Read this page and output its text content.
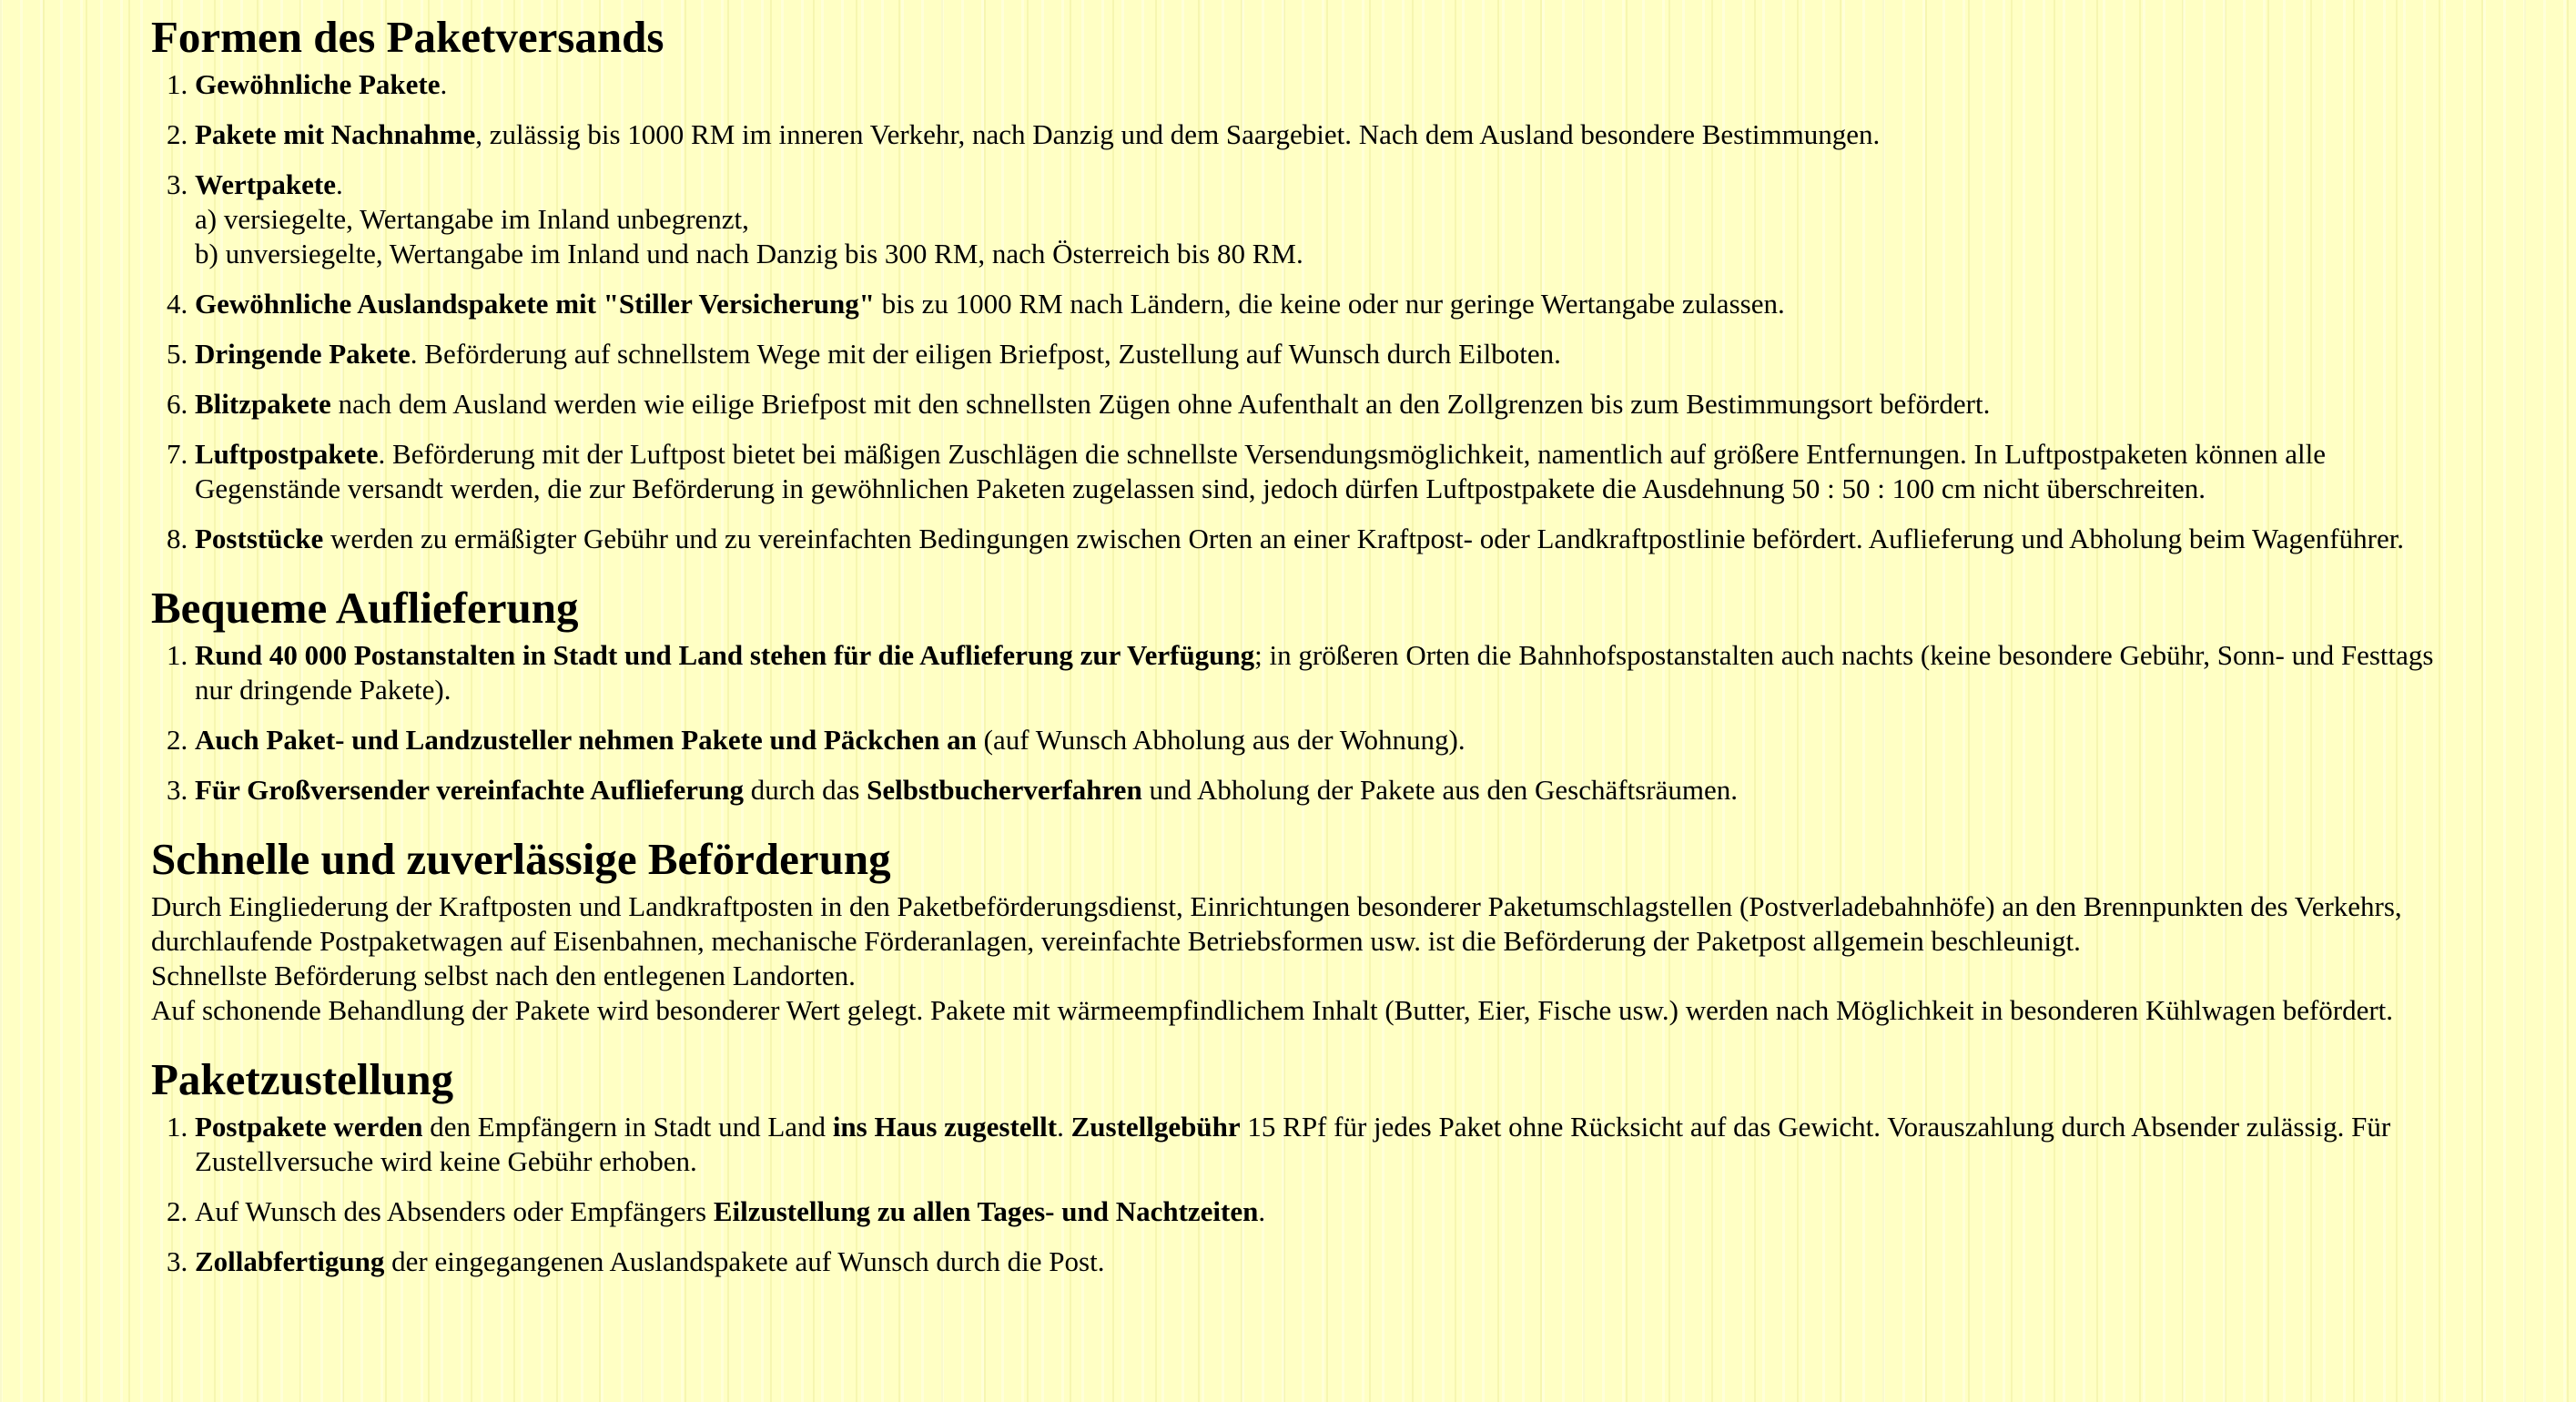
Formen des Paketversands
1. Gewöhnliche Pakete.
2. Pakete mit Nachnahme, zulässig bis 1000 RM im inneren Verkehr, nach Danzig und dem Saargebiet. Nach dem Ausland besondere Bestimmungen.
3. Wertpakete.
a) versiegelte, Wertangabe im Inland unbegrenzt,
b) unversiegelte, Wertangabe im Inland und nach Danzig bis 300 RM, nach Österreich bis 80 RM.
4. Gewöhnliche Auslandspakete mit "Stiller Versicherung" bis zu 1000 RM nach Ländern, die keine oder nur geringe Wertangabe zulassen.
5. Dringende Pakete. Beförderung auf schnellstem Wege mit der eiligen Briefpost, Zustellung auf Wunsch durch Eilboten.
6. Blitzpakete nach dem Ausland werden wie eilige Briefpost mit den schnellsten Zügen ohne Aufenthalt an den Zollgrenzen bis zum Bestimmungsort befördert.
7. Luftpostpakete. Beförderung mit der Luftpost bietet bei mäßigen Zuschlägen die schnellste Versendungsmöglichkeit, namentlich auf größere Entfernungen. In Luftpostpaketen können alle Gegenstände versandt werden, die zur Beförderung in gewöhnlichen Paketen zugelassen sind, jedoch dürfen Luftpostpakete die Ausdehnung 50 : 50 : 100 cm nicht überschreiten.
8. Poststücke werden zu ermäßigter Gebühr und zu vereinfachten Bedingungen zwischen Orten an einer Kraftpost- oder Landkraftpostlinie befördert. Auflieferung und Abholung beim Wagenführer.
Bequeme Auflieferung
1. Rund 40 000 Postanstalten in Stadt und Land stehen für die Auflieferung zur Verfügung; in größeren Orten die Bahnhofspostanstalten auch nachts (keine besondere Gebühr, Sonn- und Festtags nur dringende Pakete).
2. Auch Paket- und Landzusteller nehmen Pakete und Päckchen an (auf Wunsch Abholung aus der Wohnung).
3. Für Großversender vereinfachte Auflieferung durch das Selbstbucherverfahren und Abholung der Pakete aus den Geschäftsräumen.
Schnelle und zuverlässige Beförderung

Durch Eingliederung der Kraftposten und Landkraftposten in den Paketbeförderungsdienst, Einrichtungen besonderer Paketumschlagstellen (Postverladebahnhöfe) an den Brennpunkten des Verkehrs, durchlaufende Postpaketwagen auf Eisenbahnen, mechanische Förderanlagen, vereinfachte Betriebsformen usw. ist die Beförderung der Paketpost allgemein beschleunigt.

Schnellste Beförderung selbst nach den entlegenen Landorten.

Auf schonende Behandlung der Pakete wird besonderer Wert gelegt. Pakete mit wärmeempfindlichem Inhalt (Butter, Eier, Fische usw.) werden nach Möglichkeit in besonderen Kühlwagen befördert.

Paketzustellung
1. Postpakete werden den Empfängern in Stadt und Land ins Haus zugestellt. Zustellgebühr 15 RPf für jedes Paket ohne Rücksicht auf das Gewicht. Vorauszahlung durch Absender zulässig. Für Zustellversuche wird keine Gebühr erhoben.
2. Auf Wunsch des Absenders oder Empfängers Eilzustellung zu allen Tages- und Nachtzeiten.
3. Zollabfertigung der eingegangenen Auslandspakete auf Wunsch durch die Post.
